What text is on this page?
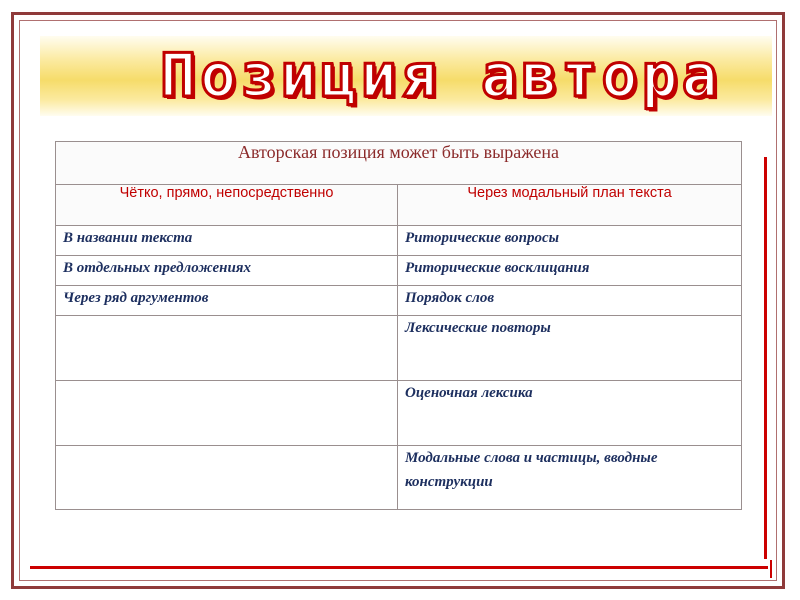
Позиция автора
Авторская позиция может быть выражена	
Чётко, прямо, непосредственно	Через модальный план текста
В названии текста	Риторические вопросы
В отдельных предложениях	Риторические восклицания
Через ряд аргументов	Порядок слов
	Лексические повторы
	Оценочная лексика
	Модальные слова и частицы, вводные конструкции
